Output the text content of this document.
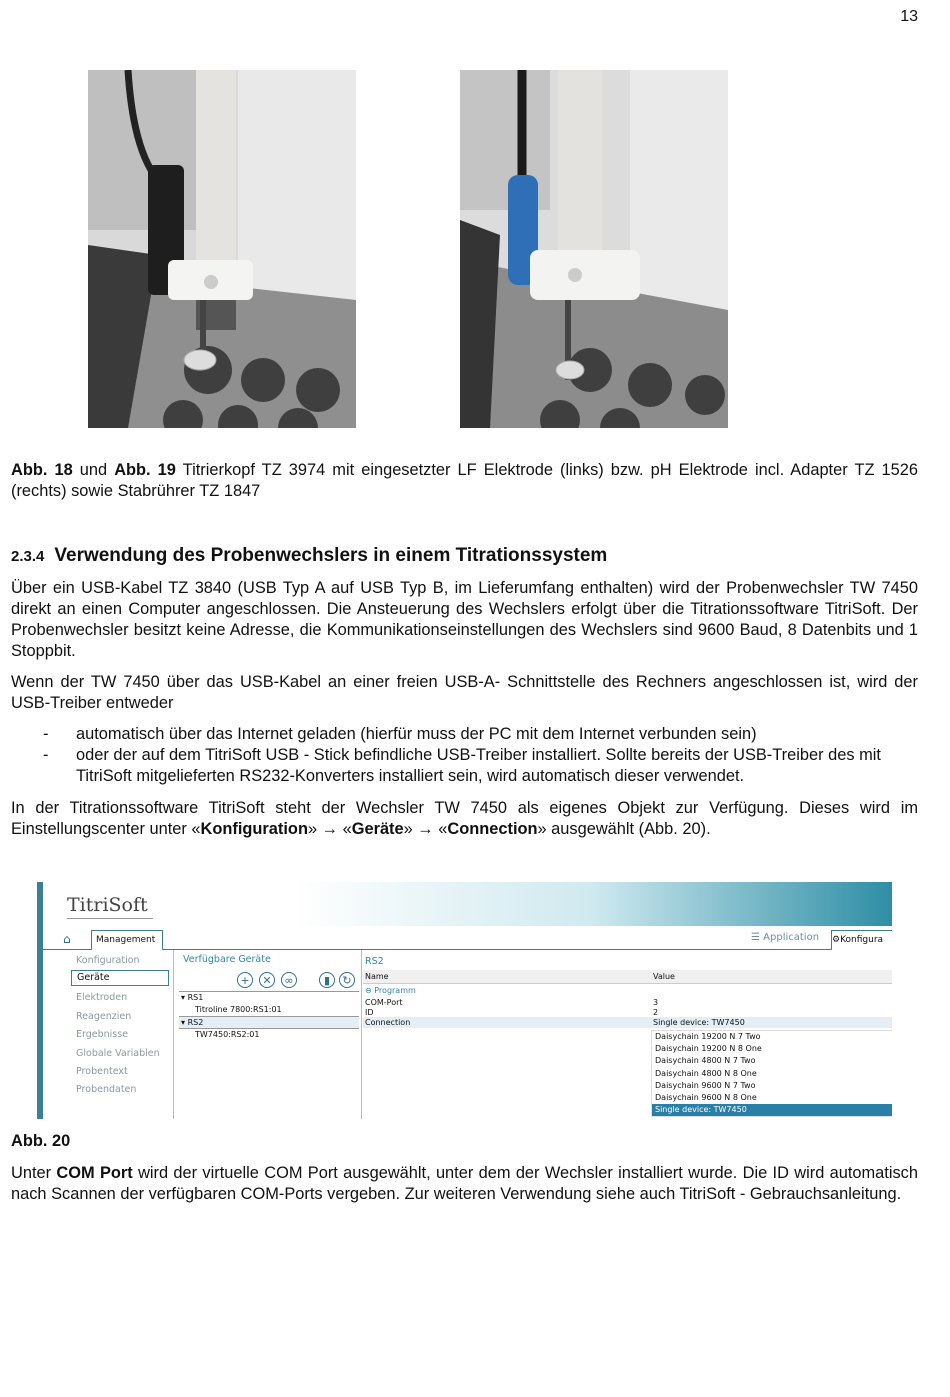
13

Abb. 18 und Abb. 19 Titrierkopf TZ 3974 mit eingesetzter LF Elektrode (links) bzw. pH Elektrode incl. Adapter TZ 1526 (rechts) sowie Stabrührer TZ 1847

2.3.4 Verwendung des Probenwechslers in einem Titrationssystem

Über ein USB-Kabel TZ 3840 (USB Typ A auf USB Typ B, im Lieferumfang enthalten) wird der Probenwechsler TW 7450 direkt an einen Computer angeschlossen. Die Ansteuerung des Wechslers erfolgt über die Titrationssoftware TitriSoft. Der Probenwechsler besitzt keine Adresse, die Kommunikationseinstellungen des Wechslers sind 9600 Baud, 8 Datenbits und 1 Stoppbit.

Wenn der TW 7450 über das USB-Kabel an einer freien USB-A- Schnittstelle des Rechners angeschlossen ist, wird der USB-Treiber entweder

-	automatisch über das Internet geladen (hierfür muss der PC mit dem Internet verbunden sein)
-	oder der auf dem TitriSoft USB - Stick befindliche USB-Treiber installiert. Sollte bereits der USB-Treiber des mit TitriSoft mitgelieferten RS232-Konverters installiert sein, wird automatisch dieser verwendet.

In der Titrationssoftware TitriSoft steht der Wechsler TW 7450 als eigenes Objekt zur Verfügung. Dieses wird im Einstellungscenter unter «Konfiguration» → «Geräte» → «Connection» ausgewählt (Abb. 20).

TitriSoft
⌂	Management	☰ Application ⚙Konfigura
Konfiguration
Geräte
Elektroden
Reagenzien
Ergebnisse
Globale Variablen
Probentext
Probendaten
Verfügbare Geräte
+	✕	∞	▮	↻
▾ RS1
Titroline 7800:RS1:01
▾ RS2
TW7450:RS2:01
RS2
Name	Value
⊖ Programm
COM-Port	3
ID	2
Connection	Single device: TW7450
Daisychain 19200 N 7 Two
Daisychain 19200 N 8 One
Daisychain 4800 N 7 Two
Daisychain 4800 N 8 One
Daisychain 9600 N 7 Two
Daisychain 9600 N 8 One
Single device: TW7450

Abb. 20

Unter COM Port wird der virtuelle COM Port ausgewählt, unter dem der Wechsler installiert wurde. Die ID wird automatisch nach Scannen der verfügbaren COM-Ports vergeben. Zur weiteren Verwendung siehe auch TitriSoft - Gebrauchsanleitung.
